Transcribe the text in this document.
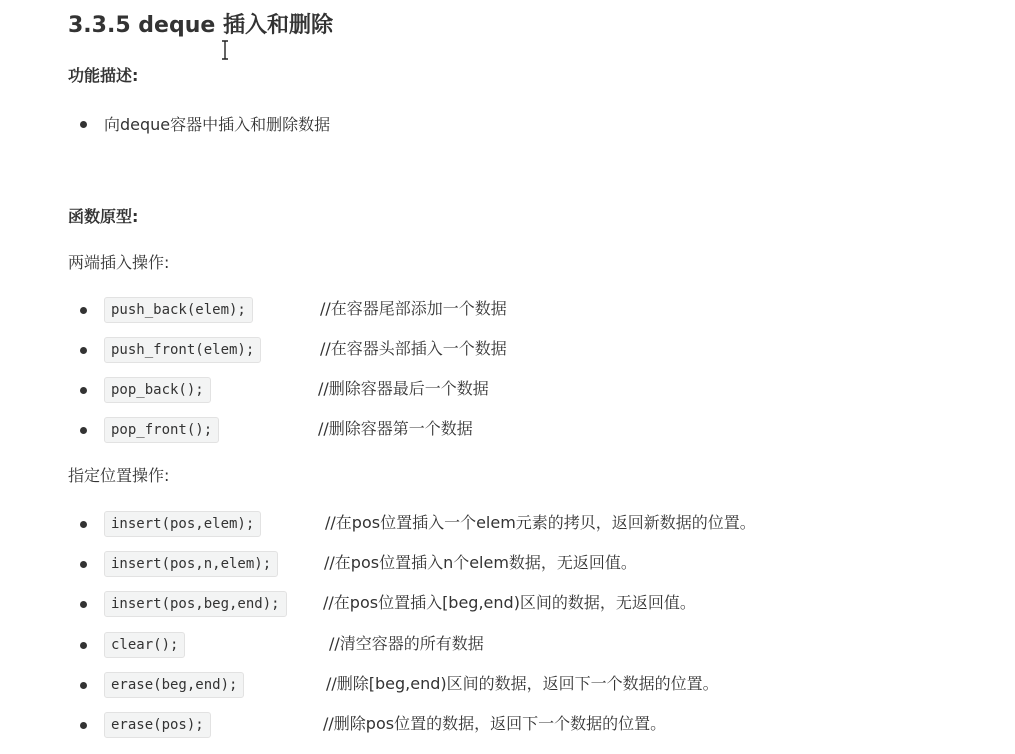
3.3.5 deque 插入和删除

功能描述:

向deque容器中插入和删除数据

函数原型:

两端插入操作:

push_back(elem);	//在容器尾部添加一个数据
push_front(elem);	//在容器头部插入一个数据
pop_back();	//删除容器最后一个数据
pop_front();	//删除容器第一个数据

指定位置操作:

insert(pos,elem);	//在pos位置插入一个elem元素的拷贝，返回新数据的位置。
insert(pos,n,elem);	//在pos位置插入n个elem数据，无返回值。
insert(pos,beg,end);	//在pos位置插入[beg,end)区间的数据，无返回值。
clear();	//清空容器的所有数据
erase(beg,end);	//删除[beg,end)区间的数据，返回下一个数据的位置。
erase(pos);	//删除pos位置的数据，返回下一个数据的位置。
